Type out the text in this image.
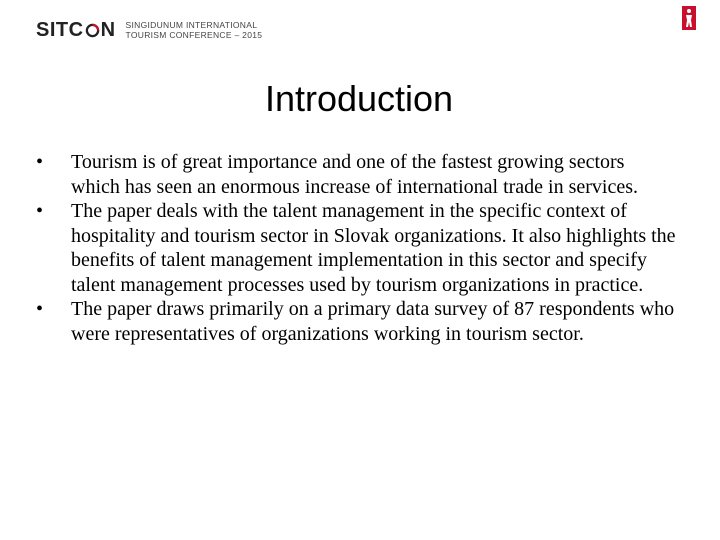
SITC N SINGIDUNUM INTERNATIONAL
TOURISM CONFERENCE – 2015
Introduction
•	Tourism is of great importance and one of the fastest growing sectors which has seen an enormous increase of international trade in services.
•	The paper deals with the talent management in the specific context of hospitality and tourism sector in Slovak organizations. It also highlights the benefits of talent management implementation in this sector and specify talent management processes used by tourism organizations in practice.
•	The paper draws primarily on a primary data survey of 87 respondents who were representatives of organizations working in tourism sector.
